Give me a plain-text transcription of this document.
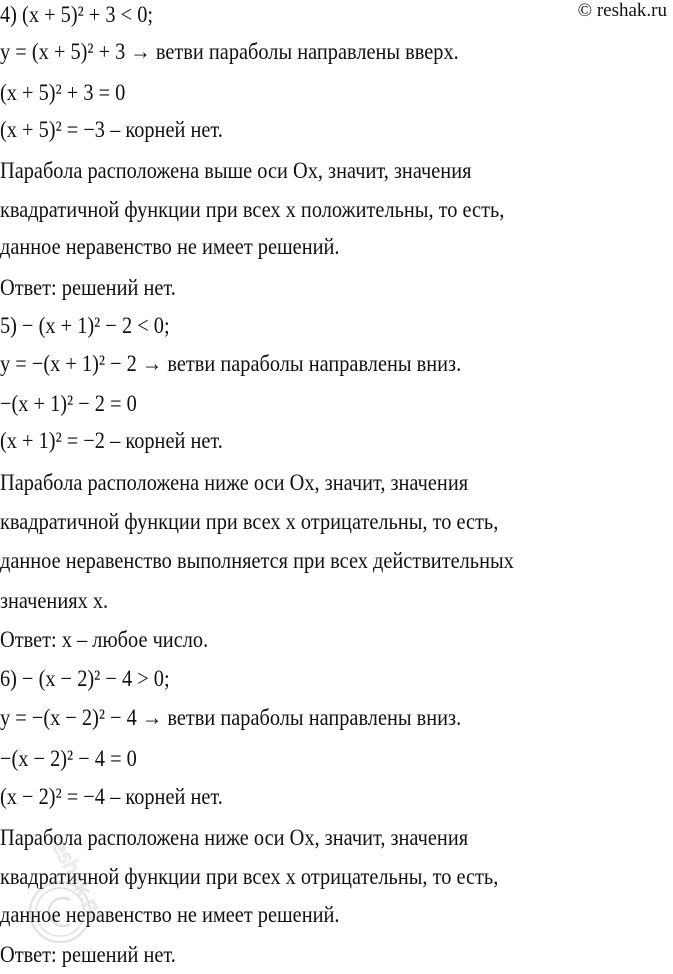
© reshak.ru
4) (x + 5)² + 3 < 0;
y = (x + 5)² + 3 → ветви параболы направлены вверх.
(x + 5)² + 3 = 0
(x + 5)² = −3 – корней нет.
Парабола расположена выше оси Ох, значит, значения
квадратичной функции при всех х положительны, то есть,
данное неравенство не имеет решений.
Ответ: решений нет.
5) − (x + 1)² − 2 < 0;
y = −(x + 1)² − 2 → ветви параболы направлены вниз.
−(x + 1)² − 2 = 0
(x + 1)² = −2 – корней нет.
Парабола расположена ниже оси Ох, значит, значения
квадратичной функции при всех х отрицательны, то есть,
данное неравенство выполняется при всех действительных
значениях х.
Ответ: х – любое число.
6) − (x − 2)² − 4 > 0;
y = −(x − 2)² − 4 → ветви параболы направлены вниз.
−(x − 2)² − 4 = 0
(x − 2)² = −4 – корней нет.
Парабола расположена ниже оси Ох, значит, значения
квадратичной функции при всех х отрицательны, то есть,
данное неравенство не имеет решений.
Ответ: решений нет.
reshak.ru
